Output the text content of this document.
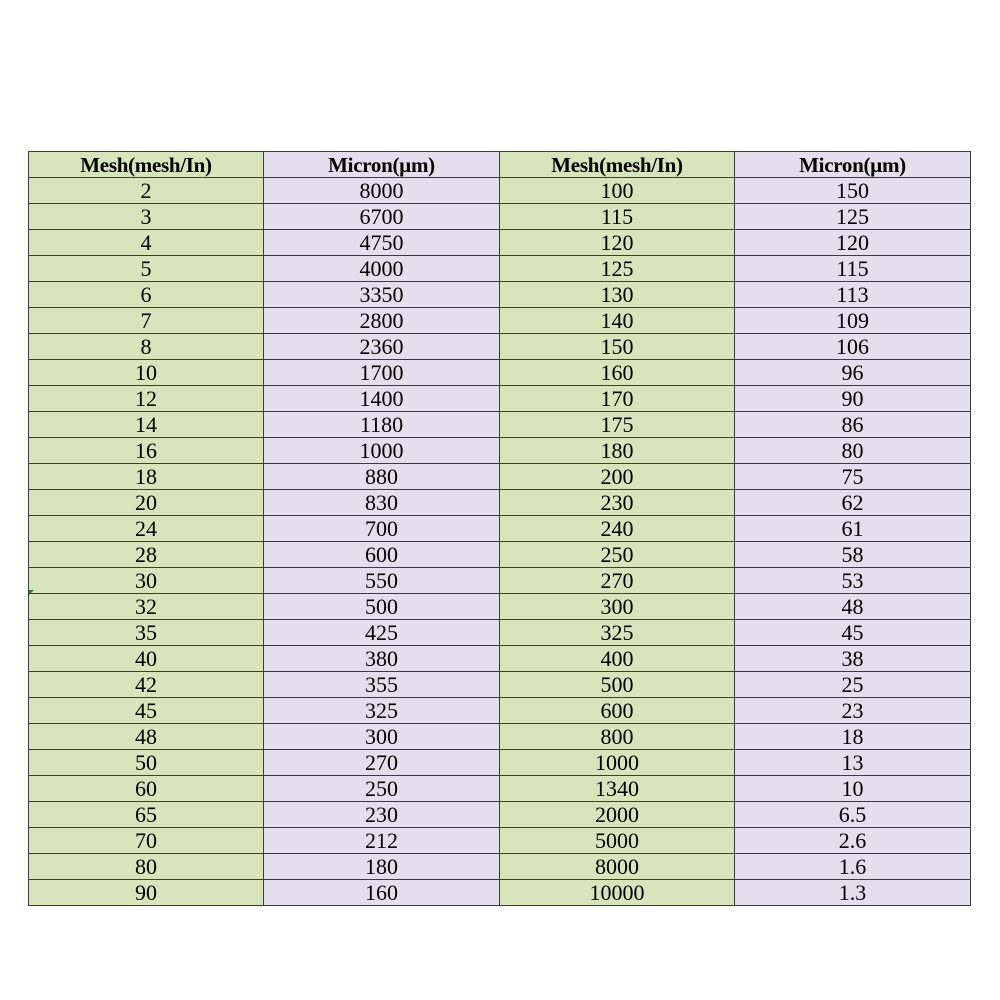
Mesh(mesh/In)	Micron(µm)	Mesh(mesh/In)	Micron(µm)
2	8000	100	150
3	6700	115	125
4	4750	120	120
5	4000	125	115
6	3350	130	113
7	2800	140	109
8	2360	150	106
10	1700	160	96
12	1400	170	90
14	1180	175	86
16	1000	180	80
18	880	200	75
20	830	230	62
24	700	240	61
28	600	250	58
30	550	270	53
32	500	300	48
35	425	325	45
40	380	400	38
42	355	500	25
45	325	600	23
48	300	800	18
50	270	1000	13
60	250	1340	10
65	230	2000	6.5
70	212	5000	2.6
80	180	8000	1.6
90	160	10000	1.3
